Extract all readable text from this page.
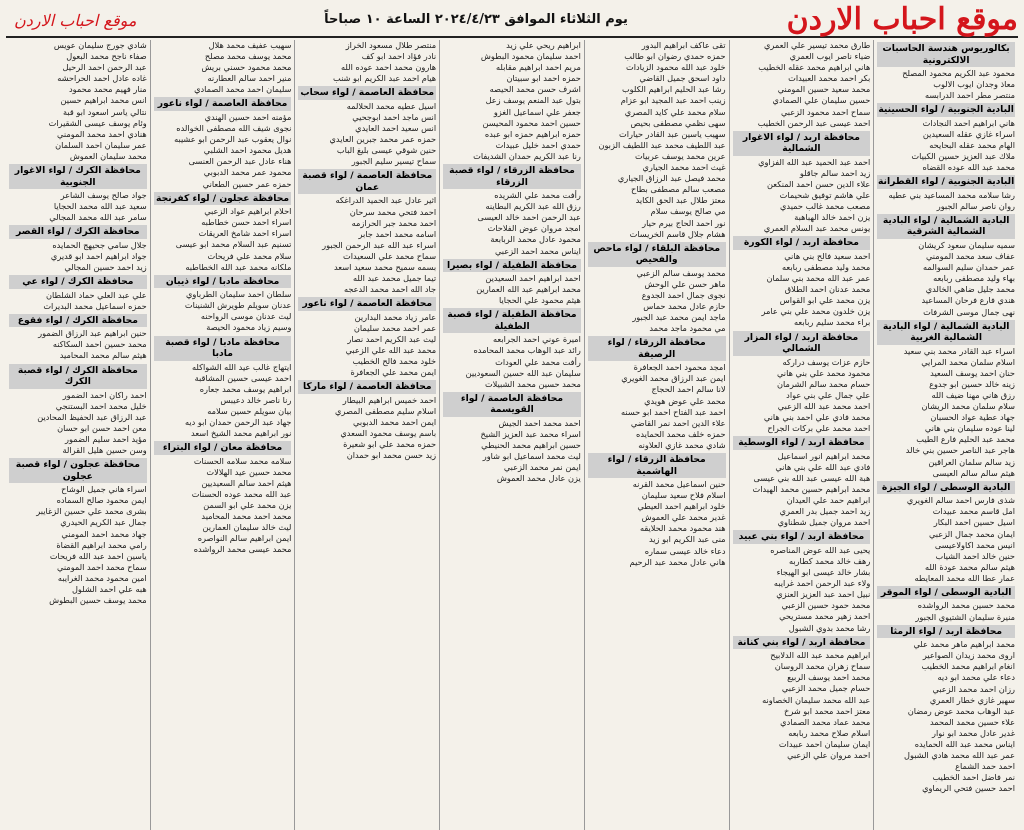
موقع احباب الاردن
يوم الثلاثاء الموافق ٢٠٢٤/٤/٢٣ الساعة ١٠ صباحاً
موقع احباب الاردن
بكالوريوس هندسة الحاسبات الالكترونية
محمود عبد الكريم محمود المصلح
معاذ وجدان ايوب الالوب
منتصر مطر احمد الدرابسه
البادية الجنوبية / لواء الحسينية
هاني ابراهيم احمد النجادات
اسراء غازي عقله السعيدين
الهام محمد عقله البحايحه
ملاك عبد العزيز حسين الكبيات
محمد عبد الله عوده القضاه
البادية الجنوبية / لواء القطرانة
رشا سلامه محمد المساعيد بني عطيه
روان ناصر سالم الجبور
البادية الشمالية / لواء البادية الشمالية الشرقية
سميه سليمان سعود كريشان
عفاف سعد محمد المومني
عمر حمدان سليم السوالمه
بهاء وليد مصطفى ربابعه
محمد جليل ضاهي الخالدي
هندي فارع فرحان المساعيد
نهى جمال موسى الشرفات
البادية الشمالية / لواء البادية الشمالية الغربية
اسراء عبد القادر محمد بني سعيد
اسلام سلمان محمد المرايي
حنان احمد يوسف السعيد
زينه خالد حسين ابو جدوع
رزق هاني مهنا ضيف الله
سلام سلمان محمد الريشان
جهاد عطية عواد الحسبان
لينا عوده سليمان بني هاني
محمد عبد الحليم فارع الطيب
هاجر عبد الناصر حسين بني خالد
زيد سالم سلمان العراقين
هيثم سالم سالم العيسى
البادية الوسطى / لواء الجيزة
شذى فارس احمد سالم الغويري
امل قاسم محمد عبيدات
اسيل حسين احمد البكار
ايمان محمد جمال الزعبي
انيس محمد اكاولاعيسى
حنين خالد احمد الشياب
هيثم سالم محمد عودة الله
عمار عطا الله محمد المعايطه
البادية الوسطى / لواء الموقر
محمد حسين محمد الرواشده
منيرة سليمان الشتيوي الجبور
محافظة اربد / لواء الرمثا
محمد ابراهيم ماهر محمد علي
اروى محمد زيدان الصواعير
انغام ابراهيم محمد الخطيب
دعاء علي محمد ابو ديه
رزان احمد محمد الزعبي
سهير غازي خطار العمري
عبد الوهاب محمد عوض رمضان
علاء حسين محمد المحمد
غدير عادل محمد ابو نوار
ايناس محمد عبد الله الحمايده
عمر عبد الله محمد هادي الشبول
احمد حمد الشماع
نمر فاضل احمد الخطيب
احمد حسين فتحي الريماوي
طارق محمد تيسير علي العمري
ضياء ناصر ايوب العمري
هاني ابراهيم محمد عقله الخطيب
بكر احمد محمد العبيدات
محمد سعيد حسين المومني
حسين سليمان علي الصمادي
سماح احمد محمود الزعبي
احمد عيسى عبد الرحمن الخطيب
محافظة اربد / لواء الاغوار الشمالية
احمد عبد الحميد عبد الله الفزاوي
زيد احمد سالم جاقلو
علاء الدين حسن احمد المنكعن
علي هاشم توفيق شحيمات
مصعب محمد غالب حميدي
يزن احمد خالد الهباهبة
يونس محمد عبد السلام العمري
محافظة اربد / لواء الكورة
احمد سعيد فالح بني هاني
محمد وليد مصطفى ربابعه
عمر عبد الله محمد بني سلمان
محمد عدنان احمد الطلاق
يزن محمد علي ابو القواس
يزن خلدون محمد علي بني عامر
براء محمد سليم ربابعه
محافظة اربد / لواء المزار الشمالي
حازم عزات يوسف دراركه
محمود محمد علي بني هاني
حسام محمد سالم الشرمان
علي جمال علي بني عواد
احمد محمد عبد الله الزعبي
محمد فادي علي احمد بني هاني
احمد محمد علي بركات الجراح
محافظة اربد / لواء الوسطية
محمد ابراهيم انور اسماعيل
فادي عبد الله علي بني هاني
هبة الله عيسى عبد الله بني عيسى
محمد ابراهيم حسين محمد الهيدات
ابراهيم حمد علي العيدان
زيد احمد جميل بدر العمري
احمد مروان جميل شطناوي
محافظة اربد / لواء بني عبيد
يحيى عبد الله عوض المناصره
رهف خالد محمد كطاربه
بشار خالد عيسى ابو الهيجاء
ولاء عبد الرحمن احمد غرايبه
نبيل احمد عبد العزيز العنزي
محمد حمود حسين الزعبي
احمد زهير محمد مستريحي
رشا محمد بدوي الشبول
محافظة اربد / لواء بني كنانة
ابراهيم محمد عبد الله الدلابيح
سماح زهران محمد الروسان
محمد احمد يوسف الربيع
حسام جميل محمد الزعبي
عبد الله محمد سليمان الخصاونه
معتز احمد محمد ابو شرخ
محمد عماد محمد الصمادي
اسلام صلاح محمد ربابعه
ايمان سليمان احمد عبيدات
احمد مروان علي الزعبي
تقى عاكف ابراهيم البدور
حمزه حمدي رضوان ابو طالب
خلود عبد الله محمود الزيادات
داود اسحق جميل القاضي
رشا عبد الحليم ابراهيم الكلوب
زينب احمد عبد المجيد ابو عزام
سلام محمد علي كايد المصري
سهى نظمي مصطفى بحيص
سهيب ياسين عبد القادر حيارات
عبد اللطيف محمد عبد اللطيف الزبون
عرين محمد يوسف عربيات
غيث احمد محمد الجياري
محمد فيصل عبد الرزاق الجياري
مصعب سالم مصطفى بطاح
معتز طلال عبد الحق الكايد
مي صالح يوسف سلام
نور احمد الحاج بيرم حيار
هشام جلال قاسم الخريسات
محافظة البلقاء / لواء ماحص والفحيص
محمد يوسف سالم الزعبي
ماهر حسن علي الوحش
نجوى جمال احمد الجدوع
حازم عادل محمد حماس
ماجد ايمن محمد عبد الجبور
مي محمود ماجد محمد
محافظة الزرقاء / لواء الرصيفة
امجد محمود احمد الجعافرة
ايمن عبد الرزاق محمد الغويري
لانا سالم احمد الحجاج
محمد علي عوض هويدي
احمد عبد الفتاح احمد ابو حسنه
علاء الدين احمد نمر القاضي
حمزه خلف محمد الحمايده
شادي محمد غازي العلاونه
محافظة الزرقاء / لواء الهاشمية
حنين اسماعيل محمد القرنه
اسلام فلاح سعيد سليمان
خلود ابراهيم احمد العيطي
غدير محمد علي العموش
هند محمود محمد الحلايقه
منى عبد الكريم ابو زيد
دعاء خالد عيسى سماره
هاني عادل محمد عبد الرحيم
ابراهيم ريحي علي زيد
احمد سليمان محمود البطوش
مريم احمد ابراهيم مقابله
حمزه احمد ابو سبيتان
اشرف حسن محمد الحيصه
بتول عبد المنعم يوسف زعل
جعفر علي اسماعيل الغزو
حسين احمد محمود المحيسن
حمزه ابراهيم حمزه ابو عبده
حمدي احمد خليل عبيدات
رنا عبد الكريم حمدان الشديفات
محافظة الزرقاء / لواء قصبة الزرقاء
رأفت محمد علي الشريده
رزق الله عبد الكريم البطاينه
عبد الرحمن احمد خالد العيسى
امجد مروان عوض الفلاحات
محمود عادل محمد الربابعة
ايناس محمد احمد الزعبي
محافظة الطفيلة / لواء بصيرا
احمد ابراهيم احمد السعيدين
محمد ابراهيم عبد الله العمارين
هيثم محمود علي الحجايا
محافظة الطفيلة / لواء قصبة الطفيلة
اميرة عوني احمد الجرابعه
رائد عبد الوهاب محمد المحامده
رأفت محمد علي العودات
سليمان عبد الله حسين السعوديين
محمد حسين محمد الشبيلات
محافظة العاصمة / لواء القويسمة
احمد محمد احمد الجيش
اسراء محمد عبد العزيز الشيخ
حسين ابراهيم محمد الحنيطي
ليث محمد اسماعيل ابو شاور
ايمن نمر محمد الزعبي
يزن عادل محمد العموش
منتصر طلال مسعود الخراز
نادر فؤاد احمد ابو كف
هارون محمد احمد عوده الله
هيام احمد عبد الكريم ابو شنب
محافظة العاصمة / لواء سحاب
اسيل عطيه محمد الحلالمه
انس ماجد احمد ابوجحيي
انس سعيد احمد العايدي
حمزه عمر محمد جبرين العايدي
حنين شوقي عيسى بليغ الباب
سماح تيسير سليم الجبور
محافظة العاصمة / لواء قصبة عمان
اثير عادل عبد الحميد الدراغكه
احمد فتحي محمد سرحان
احمد محمد جبر الحرازمه
اسامه محمد احمد جابر
اسراء عبد الله عبد الرحمن الجبور
سماح محمد علي السعيدات
بسمه سميح محمد سعيد اسعد
تيما جميل محمد عبد الله
جاد الله احمد محمد الدعجه
محافظة العاصمة / لواء ناعور
عامر زياد محمد البدارين
عمر احمد محمد سليمان
ليث عبد الكريم احمد نصار
محمد عبد الله علي الزعبي
خلود محمد فالح الخطيب
ايمن محمد علي الجعافرة
محافظة العاصمة / لواء ماركا
احمد خميس ابراهيم البيطار
اسلام سليم مصطفى المصري
ايمن احمد محمد الدبوبي
باسم يوسف محمود السعدي
حمزه محمد علي ابو شعيرة
زيد حسن محمد ابو حمدان
سهيب عفيف محمد هلال
محمد يوسف محمد مصلح
محمد محمود حسني بريش
منير احمد سالم العطارنه
سليمان احمد محمد الصمادي
محافظة العاصمة / لواء ناعور
مؤمنه احمد حسين الهندي
نجوى شيف الله مصطفى الخوالده
نوال يعقوب عبد الرحمن ابو عشيبه
هديل محمود احمد الشلبي
هناء عادل عبد الرحمن العنسى
محمود عمر محمد الدبوبي
حمزه عمر حسين الطعاني
محافظة عجلون / لواء كفرنجة
احلام ابراهيم عواد الزعبي
اسراء احمد حسن خطاطبه
اسراء احمد شامخ العريقات
تسنيم عبد السلام محمد ابو عيسى
سلام محمد علي فريحات
ملكانه محمد عبد الله الخطاطبه
محافظة مادبا / لواء ذيبان
سلطان احمد سليمان الطرباوي
عدنان سويلم طويرش الشنينات
ليث عدنان موسى الرواحنه
وسيم زياد محمود الحيصة
محافظة مادبا / لواء قصبة مادبا
ايتهاج غالب عيد الله الشواكله
احمد عيسى حسين المشاقبة
ابراهيم يوسف محمد جعاره
رنا ناصر خالد دعيبس
بيان سويلم حسين سلامه
جهاد عبد الرحمن حمدان ابو ديه
نور ابراهيم محمد الشيخ اسعد
محافظة معان / لواء البتراء
سلامه محمد سلامه الحسنات
محمد حسين عيد الهلالات
هيثم احمد سالم السعيديين
عبد الله محمد عوده الحسنات
يزن محمد علي ابو السمن
محمد احمد محمد المحاميد
ليث خالد سليمان العمارين
ايمن ابراهيم سالم النواصره
محمد عيسى محمد الرواشده
شادي جورج سليمان عويس
صفاء ناجح محمد البعول
عبد الرحمن احمد الرحيل
غاده عادل احمد الحراحشه
منار فهيم محمد محمود
انس محمد ابراهيم حسين
نتالي ياسر اسعود ابو قبة
وئام يوسف عيسى الشقيرات
هنادي احمد محمد المومني
عمر سليمان احمد السلمان
محمد سليمان العموش
محافظة الكرك / لواء الاغوار الجنوبية
جواد صالح يوسف الشاعر
سعيد عبد الله محمد الحجايا
سامر عبد الله محمد المجالي
محافظة الكرك / لواء القصر
جلال سامي جحيهج الحمايده
جواد ابراهيم احمد ابو قديري
زيد احمد حسين المجالي
محافظة الكرك / لواء عي
علي عبد العلي حماد الشلطان
حمزه اسماعيل محمد البديرات
محافظة الكرك / لواء فقوع
حنين ابراهيم عبد الرزاق الضمور
محمد حسين احمد السكاكنه
هيثم سالم محمد المحاميد
محافظة الكرك / لواء قصبة الكرك
احمد راكان احمد الضمور
خليل محمد احمد البستنجي
عبد الرزاق عبد الحفيظ المحادين
معن احمد حسن ابو حسان
مؤيد احمد سليم الضمور
وسن حسين هليل القرالة
محافظة عجلون / لواء قصبة عجلون
اسراء هاني جميل الوشاح
ايمن محمود صالح السماده
بشرى محمد علي حسين الزغايبر
جمال عبد الكريم الحيدري
جهاد محمد احمد المومني
رامي محمد ابراهيم القضاة
ياسين احمد عبد الله فريحات
سماح محمد احمد المومني
امين محمود محمد الغرايبه
هبه علي احمد الشلول
محمد يوسف حسين البطوش
